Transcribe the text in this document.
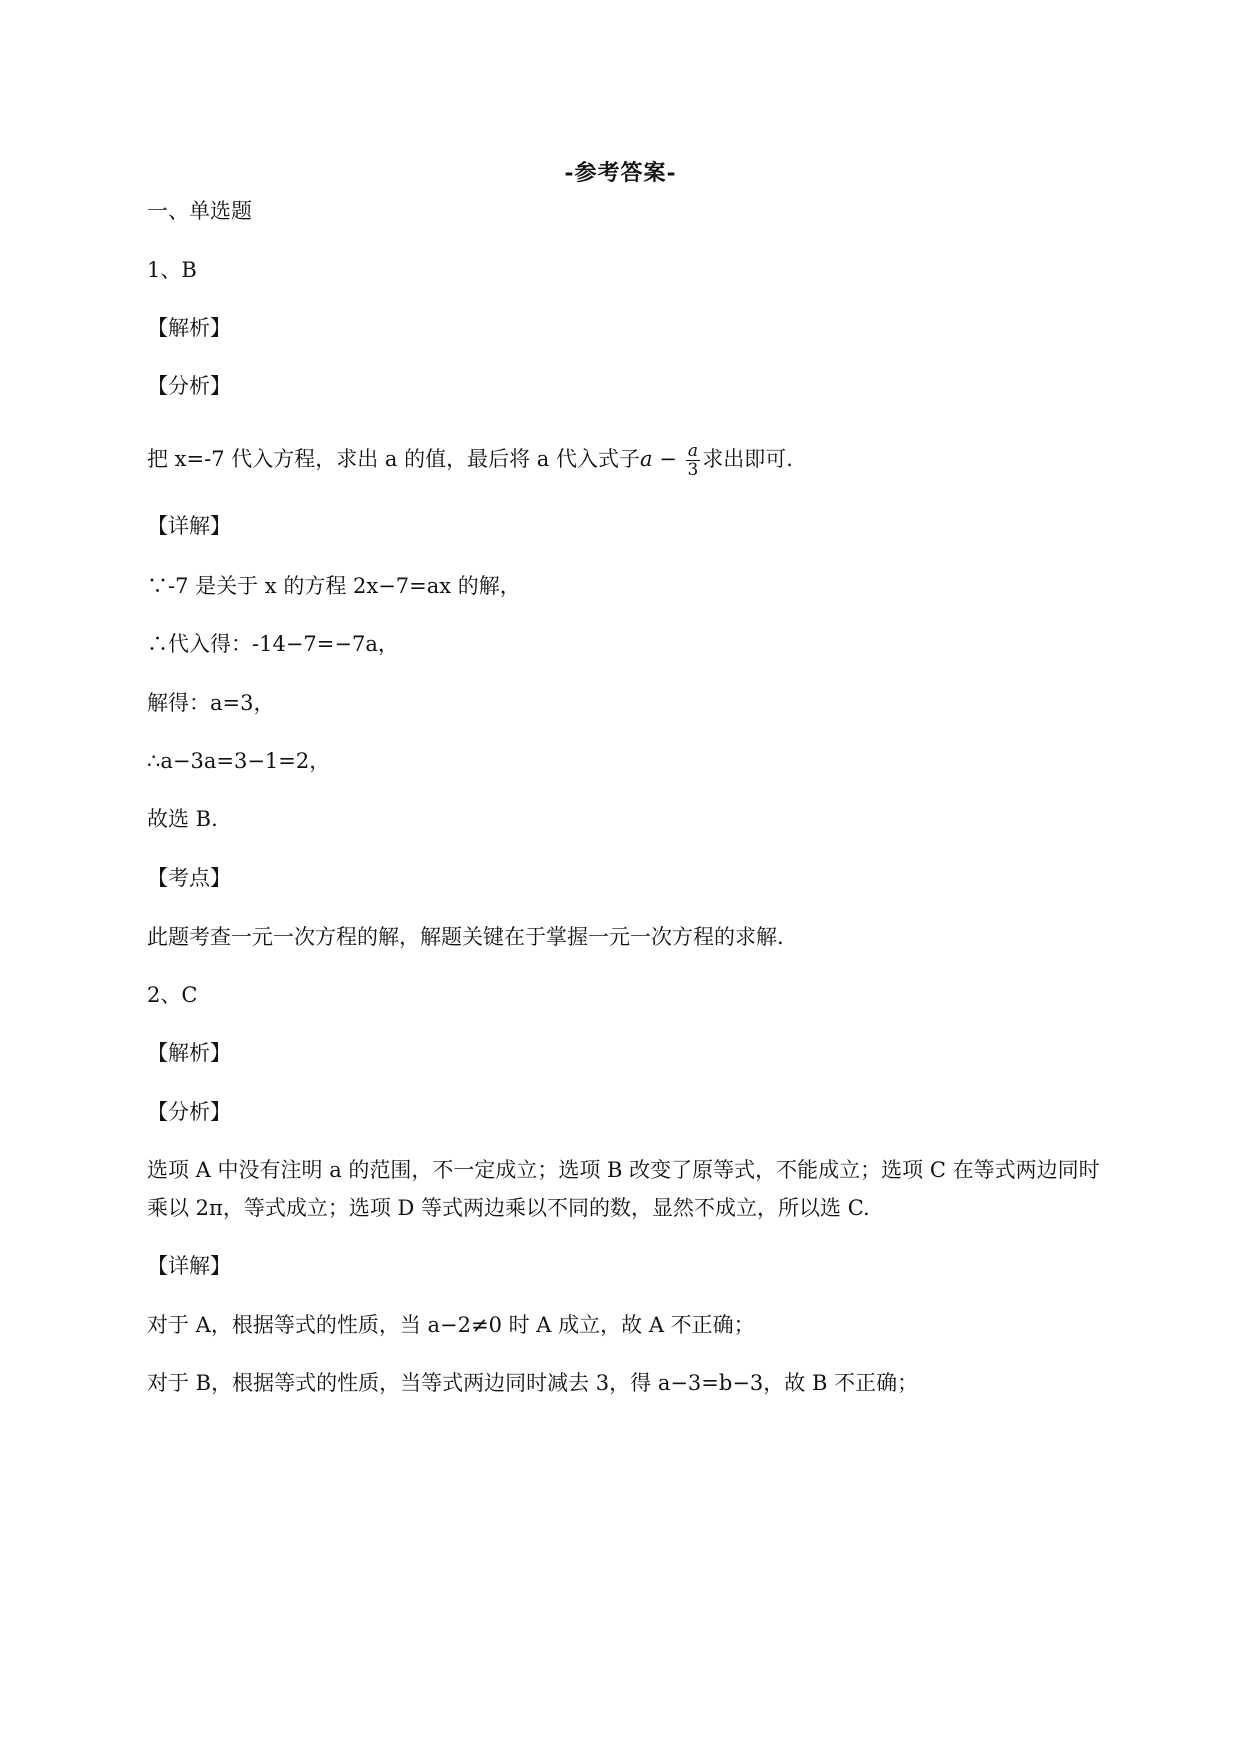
-参考答案-
一、单选题
1、B
【解析】
【分析】
把 x=-7 代入方程，求出 a 的值，最后将 a 代入式子$a - \frac{a}{3}$ 求出即可.
【详解】
∵-7 是关于 x 的方程 2x−7=ax 的解，
∴代入得：-14−7=−7a，
解得：a=3，
∴a−3a=3−1=2，
故选 B.
【考点】
此题考查一元一次方程的解，解题关键在于掌握一元一次方程的求解.
2、C
【解析】
【分析】
选项 A 中没有注明 a 的范围，不一定成立；选项 B 改变了原等式，不能成立；选项 C 在等式两边同时
乘以 2π，等式成立；选项 D 等式两边乘以不同的数，显然不成立，所以选 C.
【详解】
对于 A，根据等式的性质，当 a−2≠0 时 A 成立，故 A 不正确；
对于 B，根据等式的性质，当等式两边同时减去 3，得 a−3=b−3，故 B 不正确；
